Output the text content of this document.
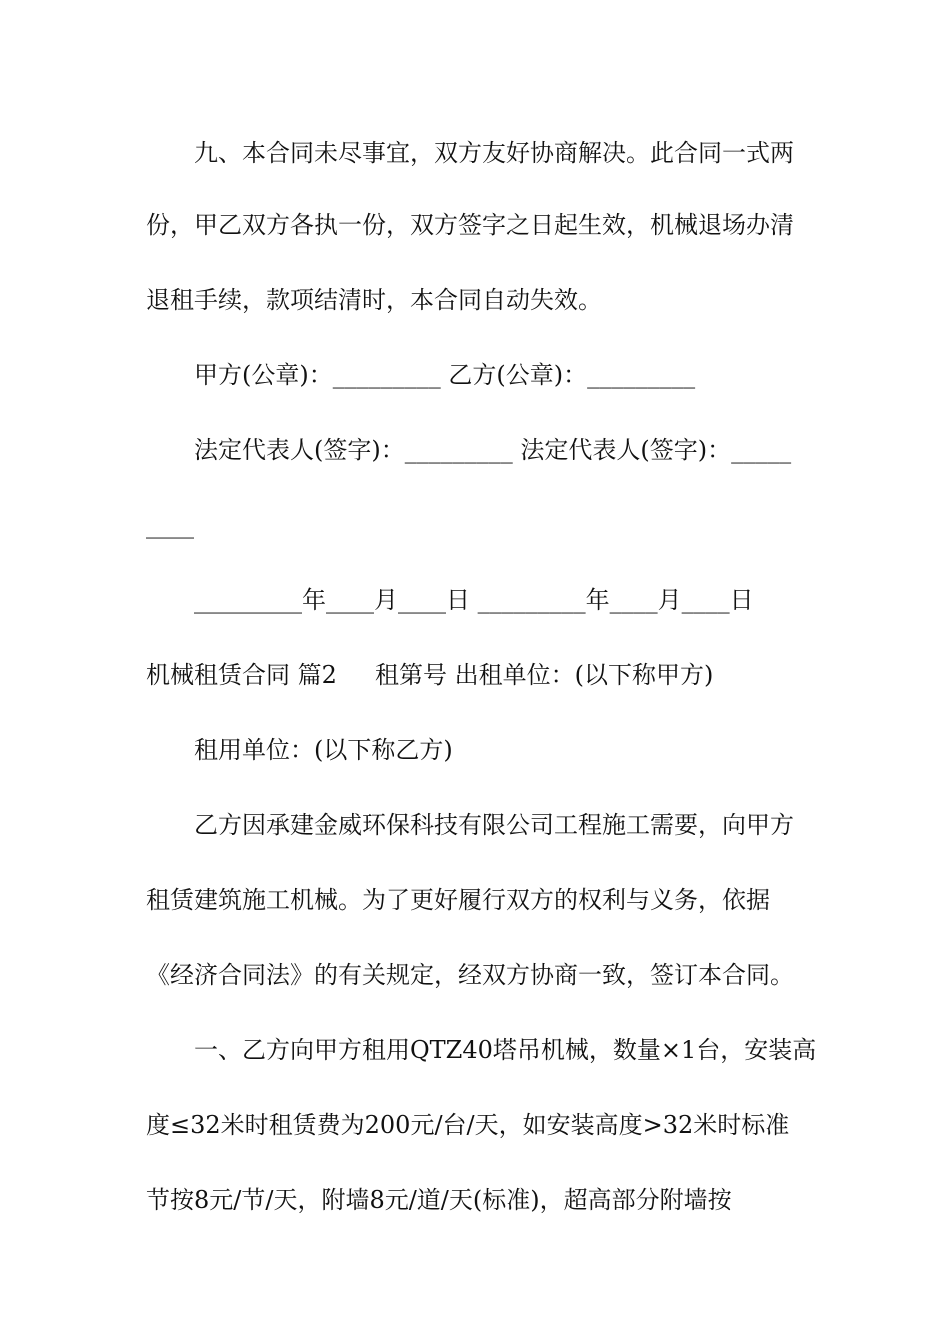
九、本合同未尽事宜，双方友好协商解决。此合同一式两
份，甲乙双方各执一份，双方签字之日起生效，机械退场办清
退租手续，款项结清时，本合同自动失效。
甲方(公章)：_________ 乙方(公章)：_________
法定代表人(签字)：_________ 法定代表人(签字)：_____
____
_________年____月____日 _________年____月____日
机械租赁合同 篇2     租第号 出租单位：(以下称甲方)
租用单位：(以下称乙方)
乙方因承建金威环保科技有限公司工程施工需要，向甲方
租赁建筑施工机械。为了更好履行双方的权利与义务，依据
《经济合同法》的有关规定，经双方协商一致，签订本合同。
一、乙方向甲方租用QTZ40塔吊机械，数量×1台，安装高
度≤32米时租赁费为200元/台/天，如安装高度>32米时标准
节按8元/节/天，附墙8元/道/天(标准)，超高部分附墙按
